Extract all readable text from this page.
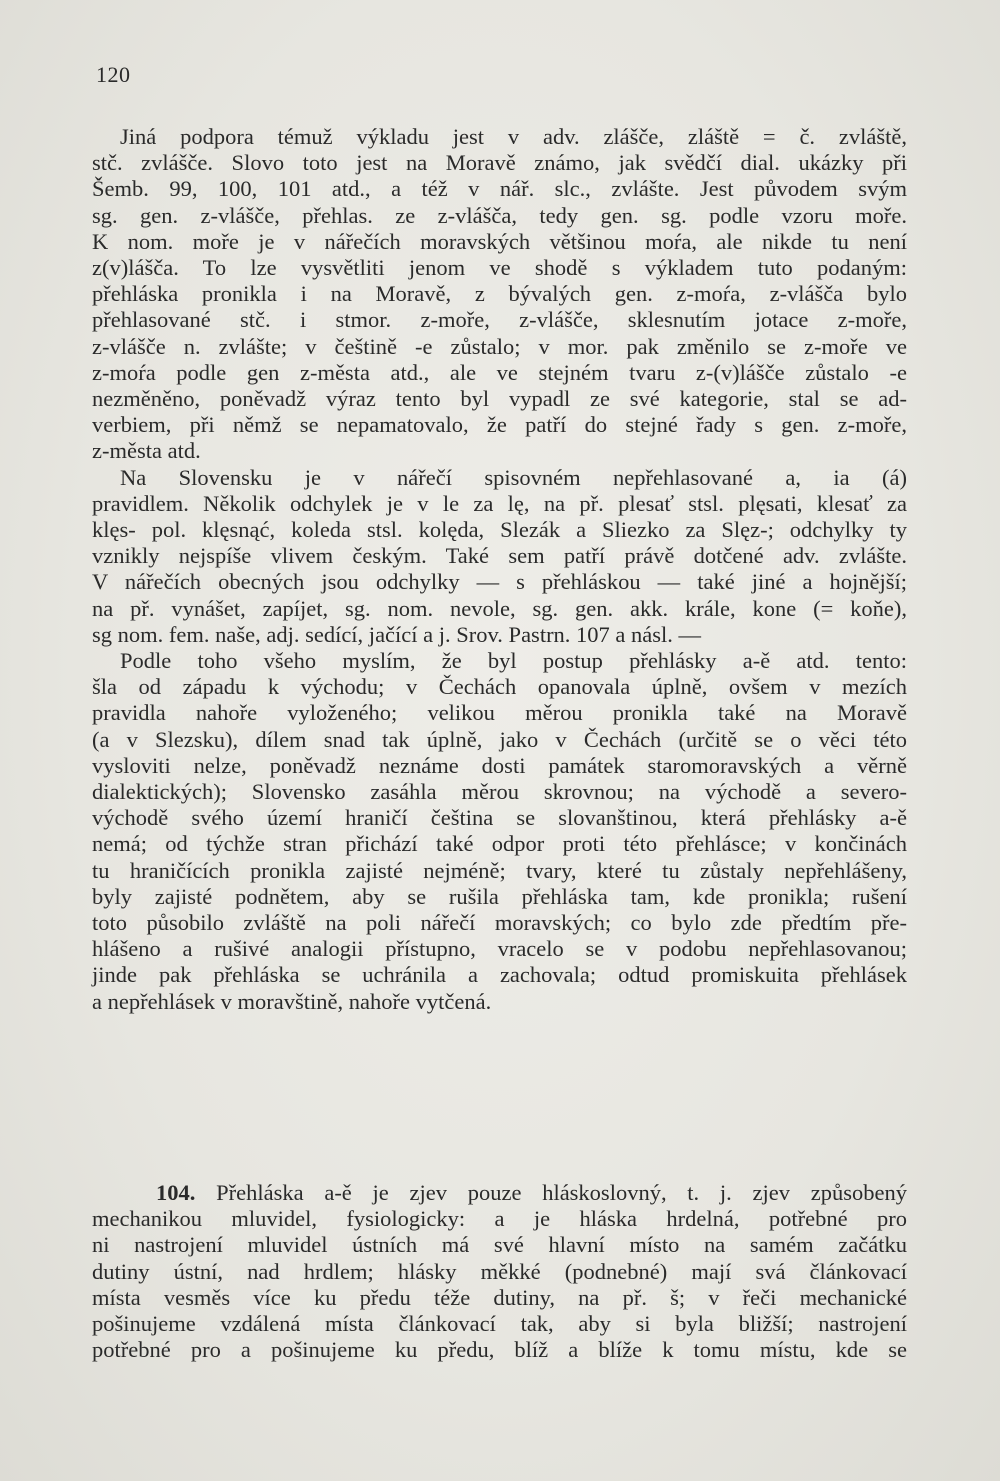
120
Jiná podpora témuž výkladu jest v adv. zlášče, zláště = č. zvláště,
stč. zvlášče. Slovo toto jest na Moravě známo, jak svědčí dial. ukázky při
Šemb. 99, 100, 101 atd., a též v nář. slc., zvlášte. Jest původem svým
sg. gen. z-vlášče, přehlas. ze z-vlášča, tedy gen. sg. podle vzoru moře.
K nom. moře je v nářečích moravských většinou moŕa, ale nikde tu není
z(v)lášča. To lze vysvětliti jenom ve shodě s výkladem tuto podaným:
přehláska pronikla i na Moravě, z bývalých gen. z-moŕa, z-vlášča bylo
přehlasované stč. i stmor. z-moře, z-vlášče, sklesnutím jotace z-moře,
z-vlášče n. zvlášte; v češtině -e zůstalo; v mor. pak změnilo se z-moře ve
z-moŕa podle gen z-města atd., ale ve stejném tvaru z-(v)lášče zůstalo -e
nezměněno, poněvadž výraz tento byl vypadl ze své kategorie, stal se ad-
verbiem, při němž se nepamatovalo, že patří do stejné řady s gen. z-moře,
z-města atd.
Na Slovensku je v nářečí spisovném nepřehlasované a, ia (á)
pravidlem. Několik odchylek je v le za lę, na př. plesať stsl. plęsati, klesať za
klęs- pol. klęsnąć, koleda stsl. kolęda, Slezák a Sliezko za Slęz-; odchylky ty
vznikly nejspíše vlivem českým. Také sem patří právě dotčené adv. zvlášte.
V nářečích obecných jsou odchylky — s přehláskou — také jiné a hojnější;
na př. vynášet, zapíjet, sg. nom. nevole, sg. gen. akk. krále, kone (= koňe),
sg nom. fem. naše, adj. sedící, jačící a j. Srov. Pastrn. 107 a násl. —
Podle toho všeho myslím, že byl postup přehlásky a-ě atd. tento:
šla od západu k východu; v Čechách opanovala úplně, ovšem v mezích
pravidla nahoře vyloženého; velikou měrou pronikla také na Moravě
(a v Slezsku), dílem snad tak úplně, jako v Čechách (určitě se o věci této
vysloviti nelze, poněvadž neznáme dosti památek staromoravských a věrně
dialektických); Slovensko zasáhla měrou skrovnou; na východě a severo-
východě svého území hraničí čeština se slovanštinou, která přehlásky a-ě
nemá; od týchže stran přichází také odpor proti této přehlásce; v končinách
tu hraničících pronikla zajisté nejméně; tvary, které tu zůstaly nepřehlášeny,
byly zajisté podnětem, aby se rušila přehláska tam, kde pronikla; rušení
toto působilo zvláště na poli nářečí moravských; co bylo zde předtím pře-
hlášeno a rušivé analogii přístupno, vracelo se v podobu nepřehlasovanou;
jinde pak přehláska se uchránila a zachovala; odtud promiskuita přehlásek
a nepřehlásek v moravštině, nahoře vytčená.
104. Přehláska a-ě je zjev pouze hláskoslovný, t. j. zjev způsobený
mechanikou mluvidel, fysiologicky: a je hláska hrdelná, potřebné pro
ni nastrojení mluvidel ústních má své hlavní místo na samém začátku
dutiny ústní, nad hrdlem; hlásky měkké (podnebné) mají svá článkovací
místa vesměs více ku předu téže dutiny, na př. š; v řeči mechanické
pošinujeme vzdálená místa článkovací tak, aby si byla bližší; nastrojení
potřebné pro a pošinujeme ku předu, blíž a blíže k tomu místu, kde se
